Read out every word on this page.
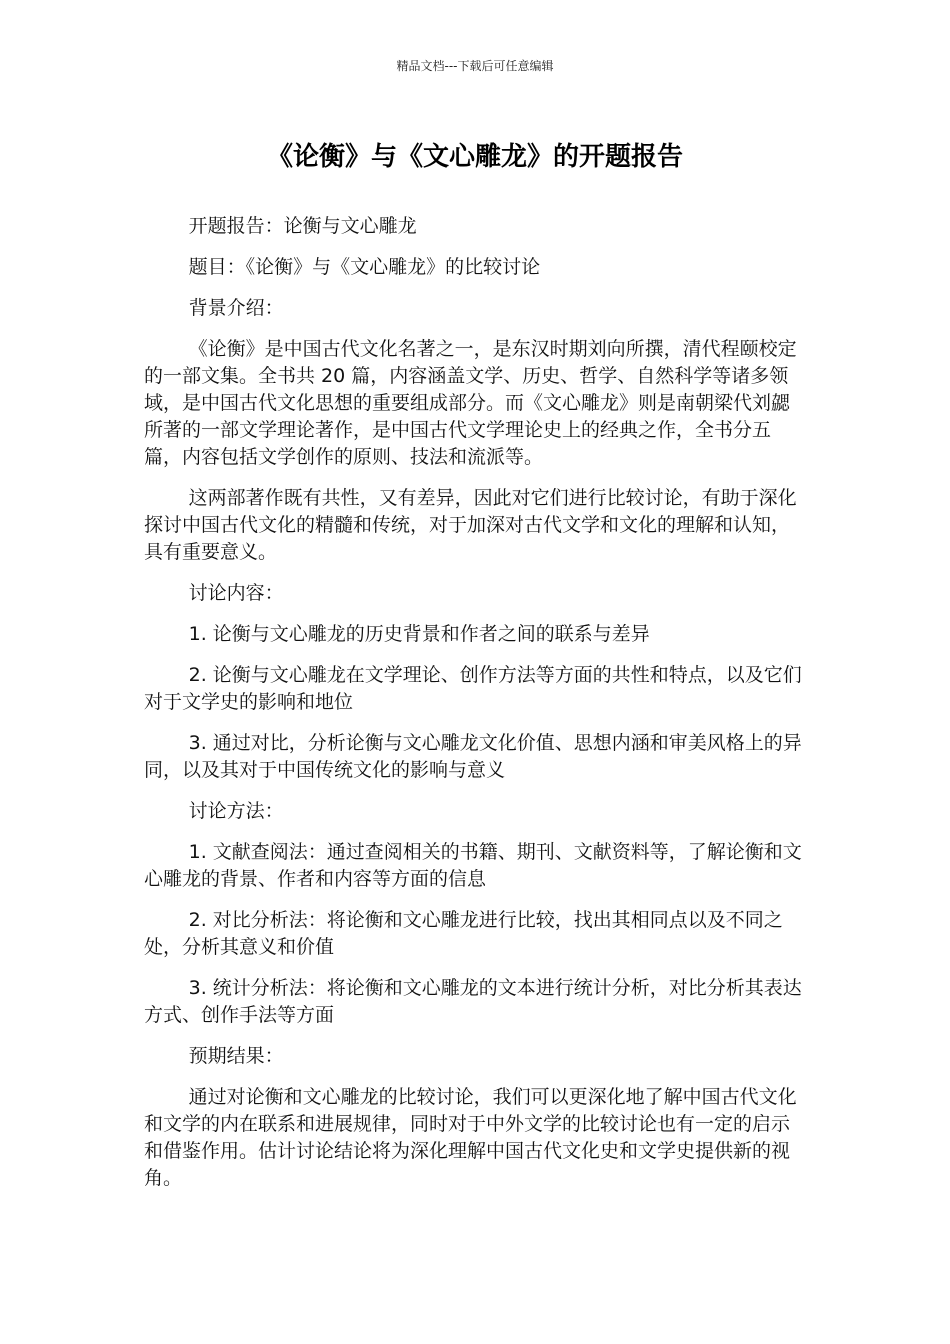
精品文档---下载后可任意编辑
《论衡》与《文心雕龙》的开题报告

开题报告：论衡与文心雕龙

题目：《论衡》与《文心雕龙》的比较讨论

背景介绍：

《论衡》是中国古代文化名著之一，是东汉时期刘向所撰，清代程颐校定的一部文集。全书共 20 篇，内容涵盖文学、历史、哲学、自然科学等诸多领域，是中国古代文化思想的重要组成部分。而《文心雕龙》则是南朝梁代刘勰所著的一部文学理论著作，是中国古代文学理论史上的经典之作，全书分五篇，内容包括文学创作的原则、技法和流派等。

这两部著作既有共性，又有差异，因此对它们进行比较讨论，有助于深化探讨中国古代文化的精髓和传统，对于加深对古代文学和文化的理解和认知，具有重要意义。

讨论内容：

1. 论衡与文心雕龙的历史背景和作者之间的联系与差异

2. 论衡与文心雕龙在文学理论、创作方法等方面的共性和特点，以及它们对于文学史的影响和地位

3. 通过对比，分析论衡与文心雕龙文化价值、思想内涵和审美风格上的异同，以及其对于中国传统文化的影响与意义

讨论方法：

1. 文献查阅法：通过查阅相关的书籍、期刊、文献资料等，了解论衡和文心雕龙的背景、作者和内容等方面的信息

2. 对比分析法：将论衡和文心雕龙进行比较，找出其相同点以及不同之处，分析其意义和价值

3. 统计分析法：将论衡和文心雕龙的文本进行统计分析，对比分析其表达方式、创作手法等方面

预期结果：

通过对论衡和文心雕龙的比较讨论，我们可以更深化地了解中国古代文化和文学的内在联系和进展规律，同时对于中外文学的比较讨论也有一定的启示和借鉴作用。估计讨论结论将为深化理解中国古代文化史和文学史提供新的视角。
